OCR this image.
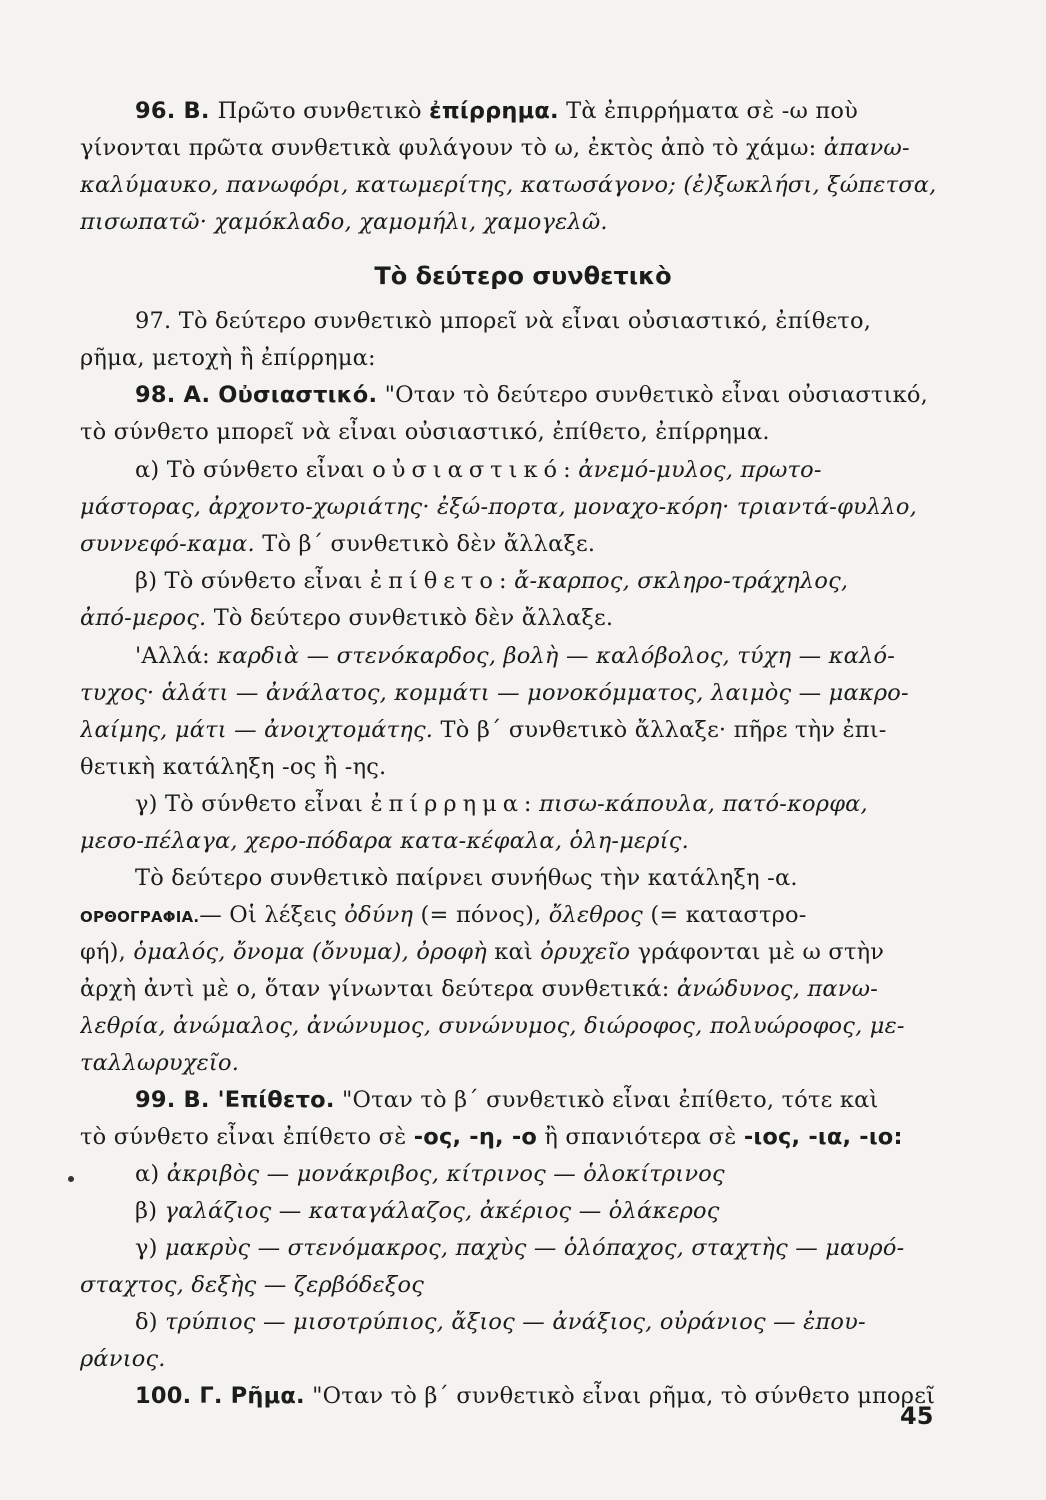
Τὸ δεύτερο συνθετικὸ
96. B. Πρῶτο συνθετικὸ ἐπίρρημα. Τὰ ἐπιρρήματα σὲ -ω ποὺ
γίνονται πρῶτα συνθετικὰ φυλάγουν τὸ ω, ἐκτὸς ἀπὸ τὸ χάμω: ἀπανω-
καλύμαυκο, πανωφόρι, κατωμερίτης, κατωσάγονο; (ἐ)ξωκλήσι, ξώπετσα,
πισωπατῶ· χαμόκλαδο, χαμομήλι, χαμογελῶ.
97. Τὸ δεύτερο συνθετικὸ μπορεῖ νὰ εἶναι οὐσιαστικό, ἐπίθετο,
ρῆμα, μετοχὴ ἢ ἐπίρρημα:
98. A. Οὐσιαστικό. "Οταν τὸ δεύτερο συνθετικὸ εἶναι οὐσιαστικό,
τὸ σύνθετο μπορεῖ νὰ εἶναι οὐσιαστικό, ἐπίθετο, ἐπίρρημα.
α) Τὸ σύνθετο εἶναι οὐσιαστικό: ἀνεμό-μυλος, πρωτο-
μάστορας, ἀρχοντο-χωριάτης· ἐξώ-πορτα, μοναχο-κόρη· τριαντά-φυλλο,
συννεφό-καμα. Τὸ β΄ συνθετικὸ δὲν ἄλλαξε.
β) Τὸ σύνθετο εἶναι ἐπίθετο: ἄ-καρπος, σκληρο-τράχηλος,
ἀπό-μερος. Τὸ δεύτερο συνθετικὸ δὲν ἄλλαξε.
'Αλλά: καρδιὰ — στενόκαρδος, βολὴ — καλόβολος, τύχη — καλό-
τυχος· ἁλάτι — ἀνάλατος, κομμάτι — μονοκόμματος, λαιμὸς — μακρο-
λαίμης, μάτι — ἀνοιχτομάτης. Τὸ β΄ συνθετικὸ ἄλλαξε· πῆρε τὴν ἐπι-
θετικὴ κατάληξη -ος ἢ -ης.
γ) Τὸ σύνθετο εἶναι ἐπίρρημα: πισω-κάπουλα, πατό-κορφα,
μεσο-πέλαγα, χερο-πόδαρα κατα-κέφαλα, ὁλη-μερίς.
Τὸ δεύτερο συνθετικὸ παίρνει συνήθως τὴν κατάληξη -α.
ΟΡΘΟΓΡΑΦΙΑ.— Οἱ λέξεις ὀδύνη (= πόνος), ὄλεθρος (= καταστρο-
φή), ὁμαλός, ὄνομα (ὄνυμα), ὀροφὴ καὶ ὀρυχεῖο γράφονται μὲ ω στὴν
ἀρχὴ ἀντὶ μὲ ο, ὅταν γίνωνται δεύτερα συνθετικά: ἀνώδυνος, πανω-
λεθρία, ἀνώμαλος, ἀνώνυμος, συνώνυμος, διώροφος, πολυώροφος, με-
ταλλωρυχεῖο.
99. B. 'Επίθετο. "Οταν τὸ β΄ συνθετικὸ εἶναι ἐπίθετο, τότε καὶ
τὸ σύνθετο εἶναι ἐπίθετο σὲ -ος, -η, -ο ἢ σπανιότερα σὲ -ιος, -ια, -ιο:
α) ἀκριβὸς — μονάκριβος, κίτρινος — ὁλοκίτρινος
β) γαλάζιος — καταγάλαζος, ἀκέριος — ὁλάκερος
γ) μακρὺς — στενόμακρος, παχὺς — ὁλόπαχος, σταχτὴς — μαυρό-
σταχτος, δεξὴς — ζερβόδεξος
δ) τρύπιος — μισοτρύπιος, ἄξιος — ἀνάξιος, οὐράνιος — ἐπου-
ράνιος.
100. Γ. Ρῆμα. "Οταν τὸ β΄ συνθετικὸ εἶναι ρῆμα, τὸ σύνθετο μπορεῖ
45
